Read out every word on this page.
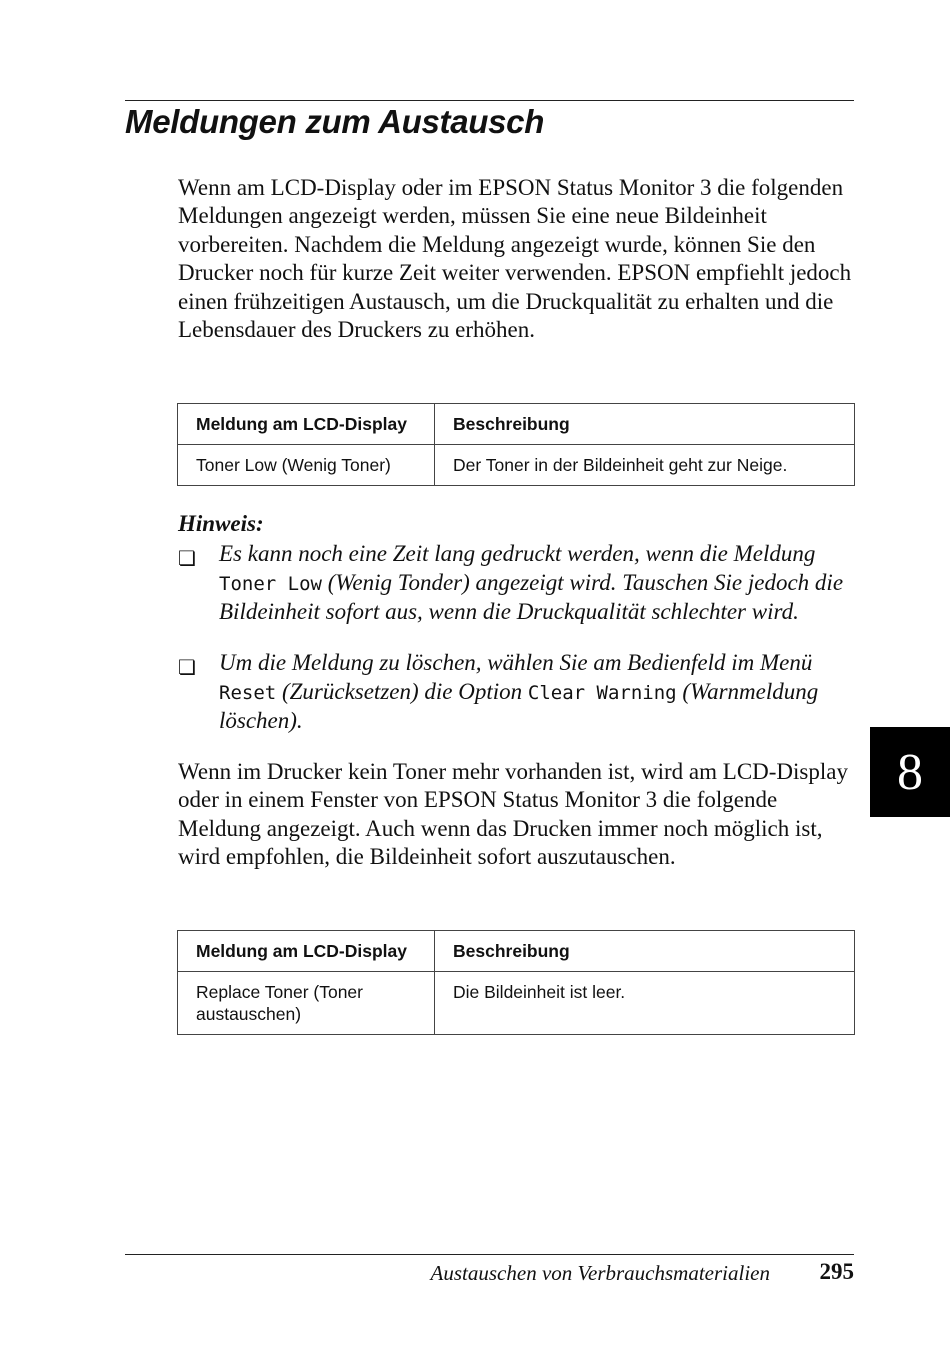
Meldungen zum Austausch

Wenn am LCD-Display oder im EPSON Status Monitor 3 die folgenden Meldungen angezeigt werden, müssen Sie eine neue Bildeinheit vorbereiten. Nachdem die Meldung angezeigt wurde, können Sie den Drucker noch für kurze Zeit weiter verwenden. EPSON empfiehlt jedoch einen frühzeitigen Austausch, um die Druckqualität zu erhalten und die Lebensdauer des Druckers zu erhöhen.

Meldung am LCD-Display	Beschreibung
Toner Low (Wenig Toner)	Der Toner in der Bildeinheit geht zur Neige.

Hinweis:

❏ Es kann noch eine Zeit lang gedruckt werden, wenn die Meldung Toner Low (Wenig Tonder) angezeigt wird. Tauschen Sie jedoch die Bildeinheit sofort aus, wenn die Druckqualität schlechter wird.

❏ Um die Meldung zu löschen, wählen Sie am Bedienfeld im Menü Reset (Zurücksetzen) die Option Clear Warning (Warnmeldung löschen).

Wenn im Drucker kein Toner mehr vorhanden ist, wird am LCD-Display oder in einem Fenster von EPSON Status Monitor 3 die folgende Meldung angezeigt. Auch wenn das Drucken immer noch möglich ist, wird empfohlen, die Bildeinheit sofort auszutauschen.

Meldung am LCD-Display	Beschreibung
Replace Toner (Toner austauschen)	Die Bildeinheit ist leer.
8
Austauschen von Verbrauchsmaterialien 295
